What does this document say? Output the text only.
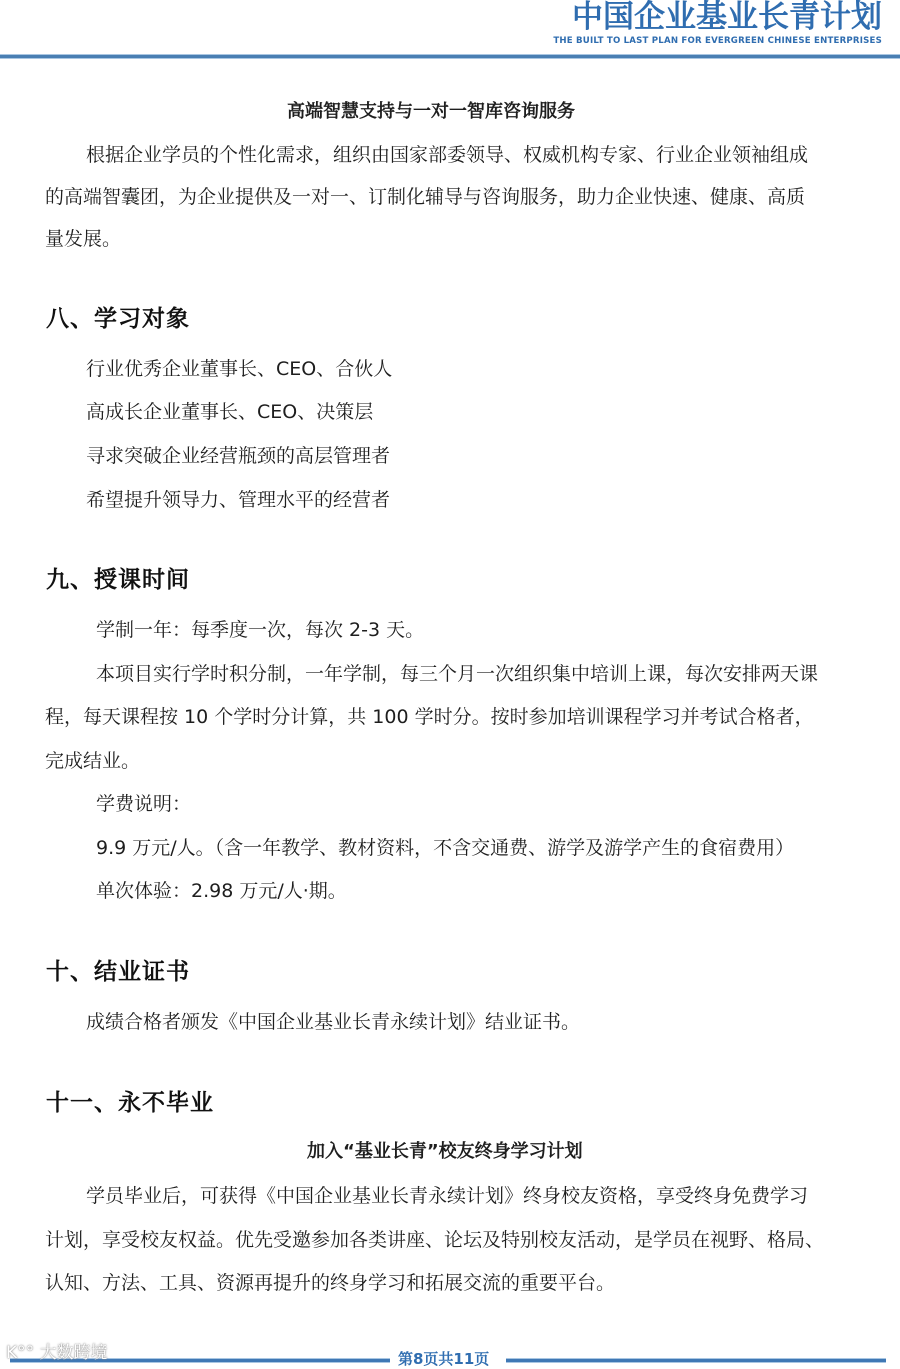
中国企业基业长青计划
THE BUILT TO LAST PLAN FOR EVERGREEN CHINESE ENTERPRISES
高端智慧支持与一对一智库咨询服务
根据企业学员的个性化需求，组织由国家部委领导、权威机构专家、行业企业领袖组成
的高端智囊团，为企业提供及一对一、订制化辅导与咨询服务，助力企业快速、健康、高质
量发展。
八、学习对象
行业优秀企业董事长、CEO、合伙人
高成长企业董事长、CEO、决策层
寻求突破企业经营瓶颈的高层管理者
希望提升领导力、管理水平的经营者
九、授课时间
学制一年：每季度一次，每次 2-3 天。
本项目实行学时积分制，一年学制，每三个月一次组织集中培训上课，每次安排两天课
程，每天课程按 10 个学时分计算，共 100 学时分。按时参加培训课程学习并考试合格者，
完成结业。
学费说明：
9.9 万元/人。（含一年教学、教材资料，不含交通费、游学及游学产生的食宿费用）
单次体验：2.98 万元/人·期。
十、结业证书
成绩合格者颁发《中国企业基业长青永续计划》结业证书。
十一、永不毕业
加入“基业长青”校友终身学习计划
学员毕业后，可获得《中国企业基业长青永续计划》终身校友资格，享受终身免费学习
计划，享受校友权益。优先受邀参加各类讲座、论坛及特别校友活动，是学员在视野、格局、
认知、方法、工具、资源再提升的终身学习和拓展交流的重要平台。
第8页共11页
K°° 大数跨境
